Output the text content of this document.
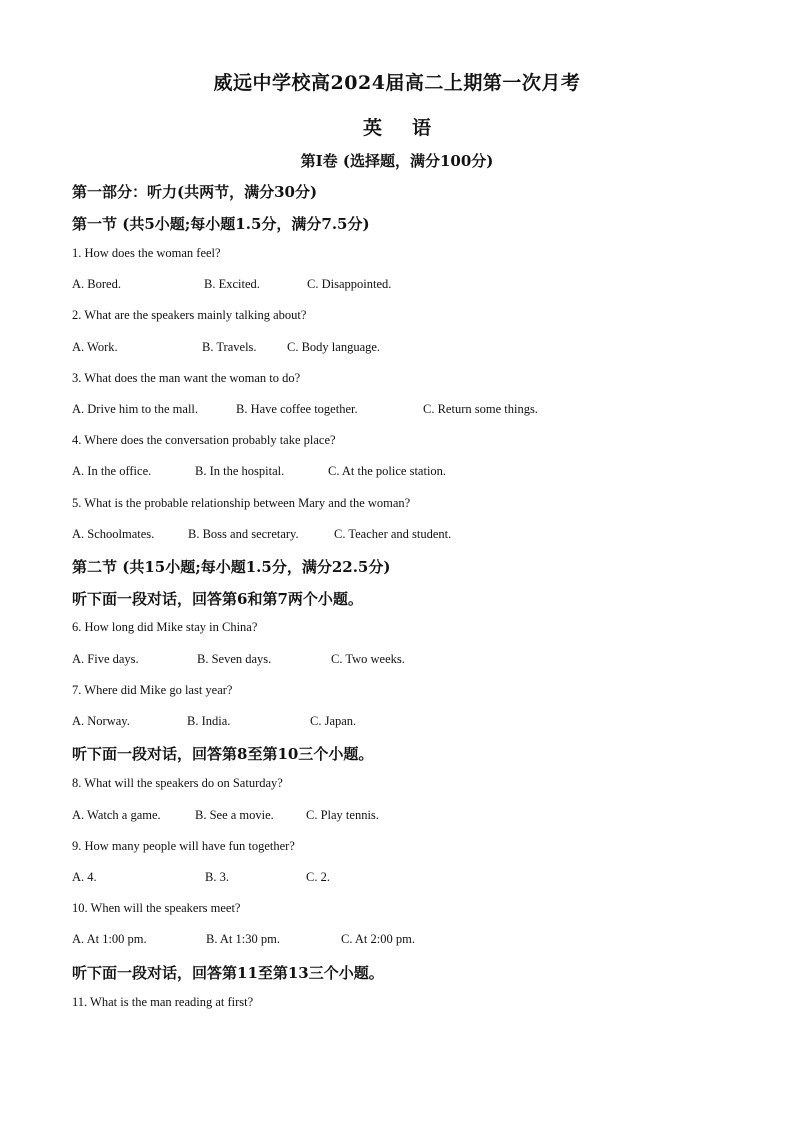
威远中学校高2024届高二上期第一次月考
英语
第Ⅰ卷 (选择题，满分100分)
第一部分：听力(共两节，满分30分)
第一节 (共5小题;每小题1.5分，满分7.5分)
1. How does the woman feel?
A. Bored.	B. Excited.	C. Disappointed.
2. What are the speakers mainly talking about?
A. Work.	B. Travels. C. Body language.
3. What does the man want the woman to do?
A. Drive him to the mall.	B. Have coffee together.	C. Return some things.
4. Where does the conversation probably take place?
A. In the office.	B. In the hospital.	C. At the police station.
5. What is the probable relationship between Mary and the woman?
A. Schoolmates.	B. Boss and secretary.	C. Teacher and student.
第二节 (共15小题;每小题1.5分，满分22.5分)
听下面一段对话，回答第6和第7两个小题。
6. How long did Mike stay in China?
A. Five days.	B. Seven days.	C. Two weeks.
7. Where did Mike go last year?
A. Norway.	B. India.	C. Japan.
听下面一段对话，回答第8至第10三个小题。
8. What will the speakers do on Saturday?
A. Watch a game.	B. See a movie.	C. Play tennis.
9. How many people will have fun together?
A. 4.	B. 3.	C. 2.
10. When will the speakers meet?
A. At 1:00 pm.	B. At 1:30 pm.	C. At 2:00 pm.
听下面一段对话，回答第11至第13三个小题。
11. What is the man reading at first?
